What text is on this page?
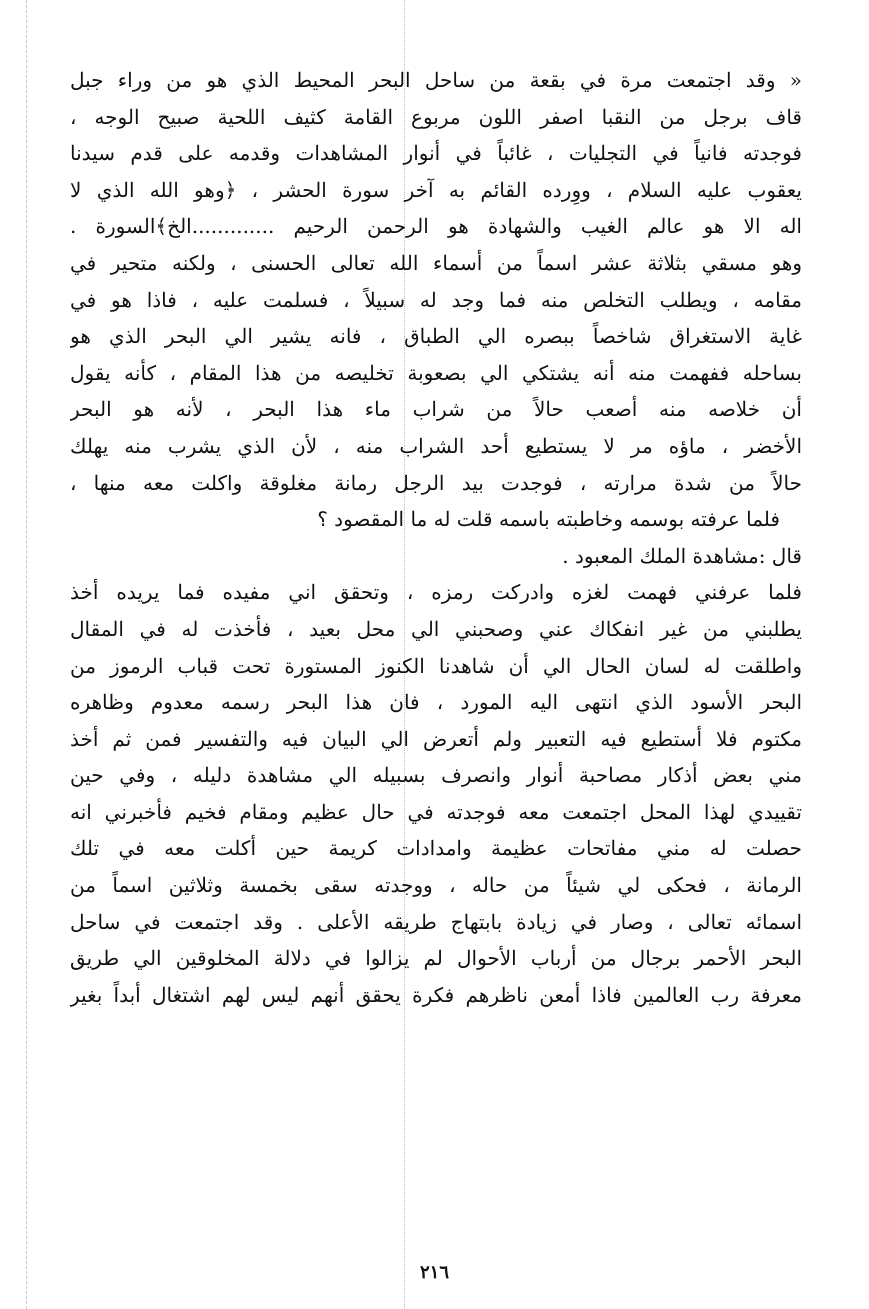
« وقد اجتمعت مرة في بقعة من ساحل البحر المحيط الذي هو من وراء جبل
قاف برجل من النقبا اصفر اللون مربوع القامة كثيف اللحية صبيح الوجه ،
فوجدته فانياً في التجليات ، غائباً في أنوار المشاهدات وقدمه على قدم سيدنا
يعقوب عليه السلام ، ووِرده القائم به آخر سورة الحشر ، ﴿وهو الله الذي لا
اله الا هو عالم الغيب والشهادة هو الرحمن الرحيم .............الخ﴾السورة .
وهو مسقي بثلاثة عشر اسماً من أسماء الله تعالى الحسنى ، ولكنه متحير في
مقامه ، ويطلب التخلص منه فما وجد له سبيلاً ، فسلمت عليه ، فاذا هو في
غاية الاستغراق شاخصاً ببصره الي الطباق ، فانه يشير الي البحر الذي هو
بساحله ففهمت منه أنه يشتكي الي بصعوبة تخليصه من هذا المقام ، كأنه يقول
أن خلاصه منه أصعب حالاً من شراب ماء هذا البحر ، لأنه هو البحر
الأخضر ، ماؤه مر لا يستطيع أحد الشراب منه ، لأن الذي يشرب منه يهلك
حالاً من شدة مرارته ، فوجدت بيد الرجل رمانة مغلوقة واكلت معه منها ،
فلما عرفته بوسمه وخاطبته باسمه قلت له ما المقصود ؟
قال :مشاهدة الملك المعبود .
فلما عرفني فهمت لغزه وادركت رمزه ، وتحقق اني مفيده فما يريده أخذ
يطلبني من غير انفكاك عني وصحبني الي محل بعيد ، فأخذت له في المقال
واطلقت له لسان الحال الي أن شاهدنا الكنوز المستورة تحت قباب الرموز من
البحر الأسود الذي انتهى اليه المورد ، فان هذا البحر رسمه معدوم وظاهره
مكتوم فلا أستطيع فيه التعبير ولم أتعرض الي البيان فيه والتفسير فمن ثم أخذ
مني بعض أذكار مصاحبة أنوار وانصرف بسبيله الي مشاهدة دليله ، وفي حين
تقييدي لهذا المحل اجتمعت معه فوجدته في حال عظيم ومقام فخيم فأخبرني انه
حصلت له مني مفاتحات عظيمة وامدادات كريمة حين أكلت معه في تلك
الرمانة ، فحكى لي شيئاً من حاله ، ووجدته سقى بخمسة وثلاثين اسماً من
اسمائه تعالى ، وصار في زيادة بابتهاج طريقه الأعلى . وقد اجتمعت في ساحل
البحر الأحمر برجال من أرباب الأحوال لم يزالوا في دلالة المخلوقين الي طريق
معرفة رب العالمين فاذا أمعن ناظرهم فكرة يحقق أنهم ليس لهم اشتغال أبداً بغير
٢١٦
